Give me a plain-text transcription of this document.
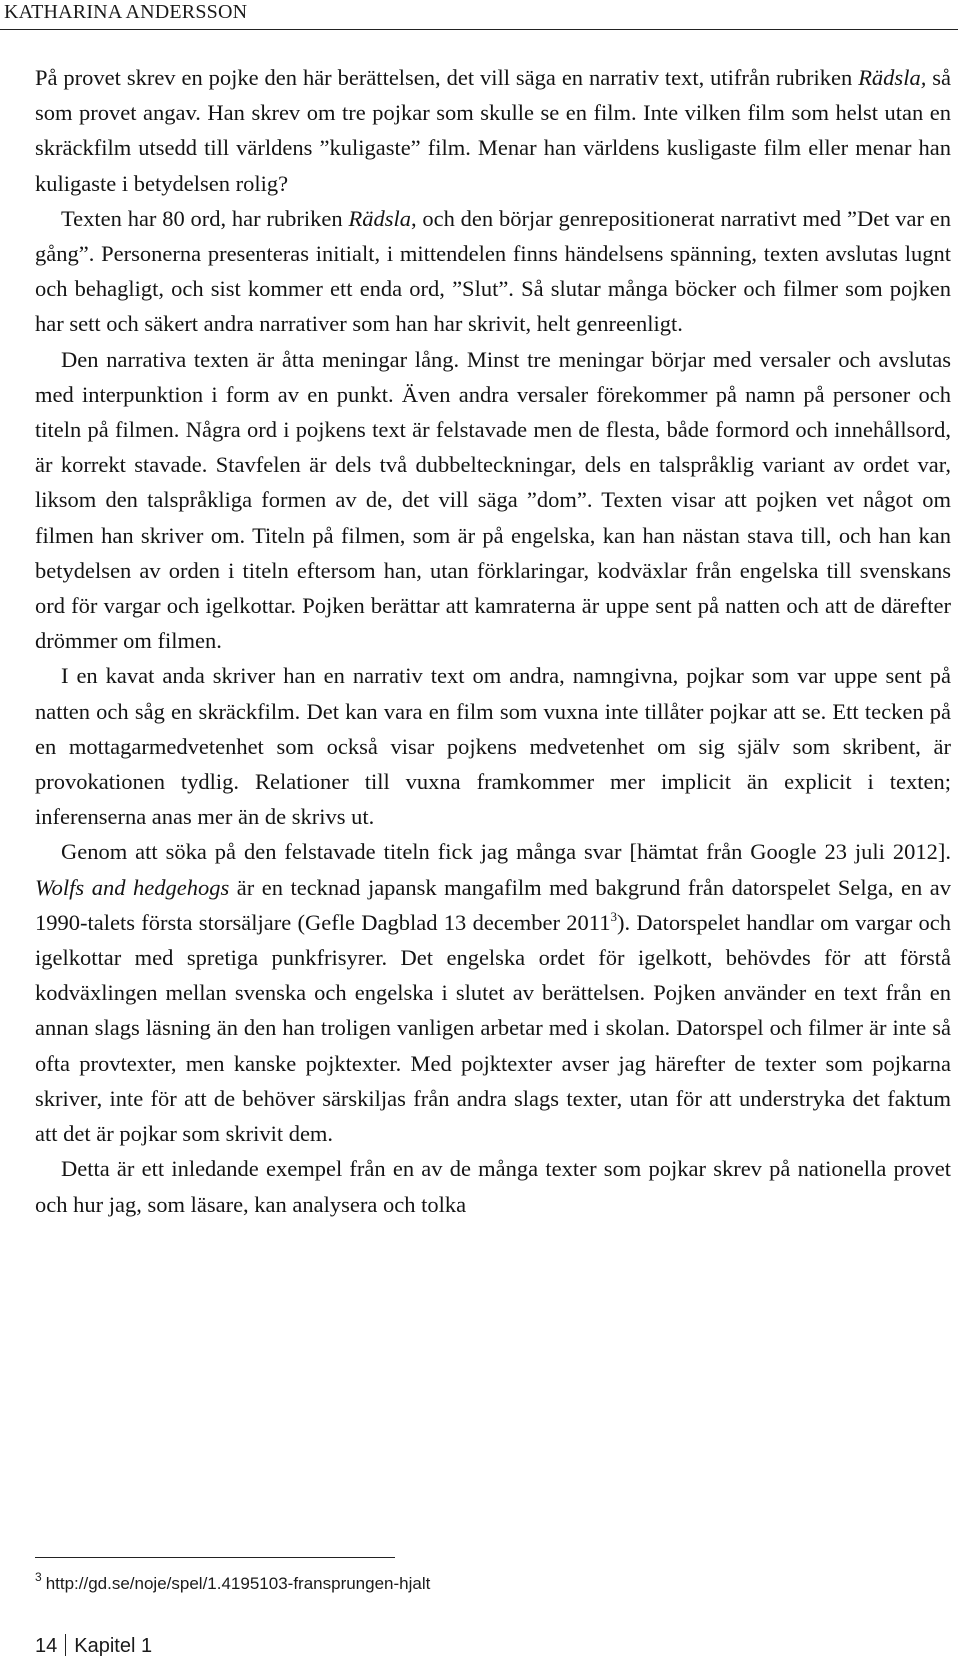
KATHARINA ANDERSSON

På provet skrev en pojke den här berättelsen, det vill säga en narrativ text, utifrån rubriken Rädsla, så som provet angav. Han skrev om tre pojkar som skulle se en film. Inte vilken film som helst utan en skräckfilm utsedd till världens ”kuligaste” film. Menar han världens kusligaste film eller menar han kuligaste i betydelsen rolig?

Texten har 80 ord, har rubriken Rädsla, och den börjar genrepositionerat narrativt med ”Det var en gång”. Personerna presenteras initialt, i mittendelen finns händelsens spänning, texten avslutas lugnt och behagligt, och sist kommer ett enda ord, ”Slut”. Så slutar många böcker och filmer som pojken har sett och säkert andra narrativer som han har skrivit, helt genreenligt.

Den narrativa texten är åtta meningar lång. Minst tre meningar börjar med versaler och avslutas med interpunktion i form av en punkt. Även andra versaler förekommer på namn på personer och titeln på filmen. Några ord i pojkens text är felstavade men de flesta, både formord och innehållsord, är korrekt stavade. Stavfelen är dels två dubbelteckningar, dels en talspråklig variant av ordet var, liksom den talspråkliga formen av de, det vill säga ”dom”. Texten visar att pojken vet något om filmen han skriver om. Titeln på filmen, som är på engelska, kan han nästan stava till, och han kan betydelsen av orden i titeln eftersom han, utan förklaringar, kodväxlar från engelska till svenskans ord för vargar och igelkottar. Pojken berättar att kamraterna är uppe sent på natten och att de därefter drömmer om filmen.

I en kavat anda skriver han en narrativ text om andra, namngivna, pojkar som var uppe sent på natten och såg en skräckfilm. Det kan vara en film som vuxna inte tillåter pojkar att se. Ett tecken på en mottagarmedvetenhet som också visar pojkens medvetenhet om sig själv som skribent, är provokationen tydlig. Relationer till vuxna framkommer mer implicit än explicit i texten; inferenserna anas mer än de skrivs ut.

Genom att söka på den felstavade titeln fick jag många svar [hämtat från Google 23 juli 2012]. Wolfs and hedgehogs är en tecknad japansk mangafilm med bakgrund från datorspelet Selga, en av 1990-talets första storsäljare (Gefle Dagblad 13 december 2011$^3$). Datorspelet handlar om vargar och igelkottar med spretiga punkfrisyrer. Det engelska ordet för igelkott, behövdes för att förstå kodväxlingen mellan svenska och engelska i slutet av berättelsen. Pojken använder en text från en annan slags läsning än den han troligen vanligen arbetar med i skolan. Datorspel och filmer är inte så ofta provtexter, men kanske pojktexter. Med pojktexter avser jag härefter de texter som pojkarna skriver, inte för att de behöver särskiljas från andra slags texter, utan för att understryka det faktum att det är pojkar som skrivit dem.

Detta är ett inledande exempel från en av de många texter som pojkar skrev på nationella provet och hur jag, som läsare, kan analysera och tolka

$^3$ http://gd.se/noje/spel/1.4195103-fransprungen-hjalt
14 Kapitel 1
